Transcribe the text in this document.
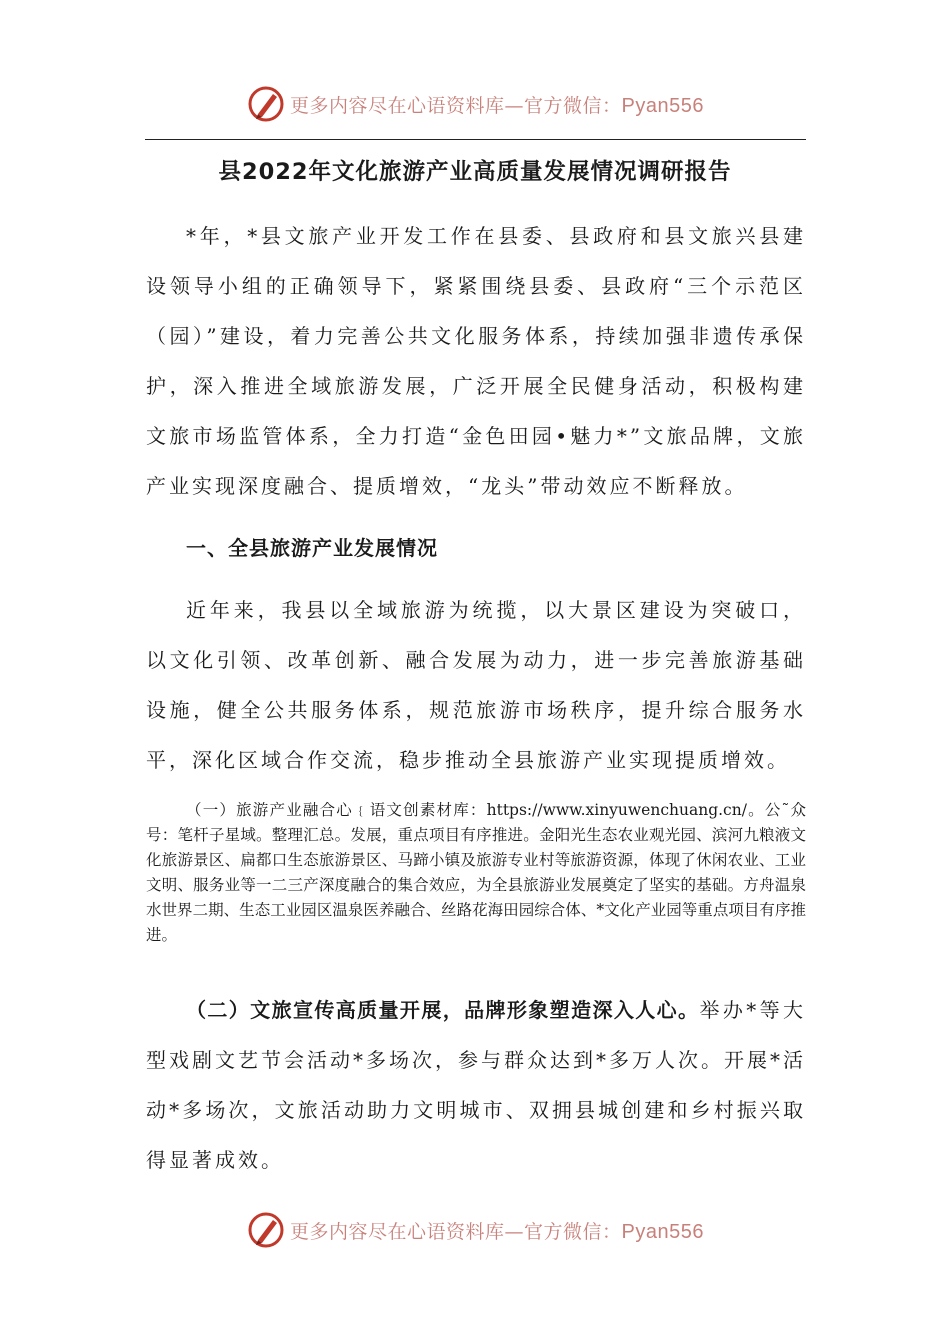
更多内容尽在心语资料库—官方微信：Pyan556
县2022年文化旅游产业高质量发展情况调研报告

*年，*县文旅产业开发工作在县委、县政府和县文旅兴县建设领导小组的正确领导下，紧紧围绕县委、县政府“三个示范区（园）”建设，着力完善公共文化服务体系，持续加强非遗传承保护，深入推进全域旅游发展，广泛开展全民健身活动，积极构建文旅市场监管体系，全力打造“金色田园•魅力*”文旅品牌，文旅产业实现深度融合、提质增效，“龙头”带动效应不断释放。

一、全县旅游产业发展情况

近年来，我县以全域旅游为统揽，以大景区建设为突破口，以文化引领、改革创新、融合发展为动力，进一步完善旅游基础设施，健全公共服务体系，规范旅游市场秩序，提升综合服务水平，深化区域合作交流，稳步推动全县旅游产业实现提质增效。

（一）旅游产业融合心﹛语文创素材库：https://www.xinyuwenchuang.cn/。公˜众号：笔杆子星域。整理汇总。发展，重点项目有序推进。金阳光生态农业观光园、滨河九粮液文化旅游景区、扁都口生态旅游景区、马蹄小镇及旅游专业村等旅游资源，体现了休闲农业、工业文明、服务业等一二三产深度融合的集合效应，为全县旅游业发展奠定了坚实的基础。方舟温泉水世界二期、生态工业园区温泉医养融合、丝路花海田园综合体、*文化产业园等重点项目有序推进。

（二）文旅宣传高质量开展，品牌形象塑造深入人心。举办*等大型戏剧文艺节会活动*多场次，参与群众达到*多万人次。开展*活动*多场次，文旅活动助力文明城市、双拥县城创建和乡村振兴取得显著成效。

更多内容尽在心语资料库—官方微信：Pyan556
